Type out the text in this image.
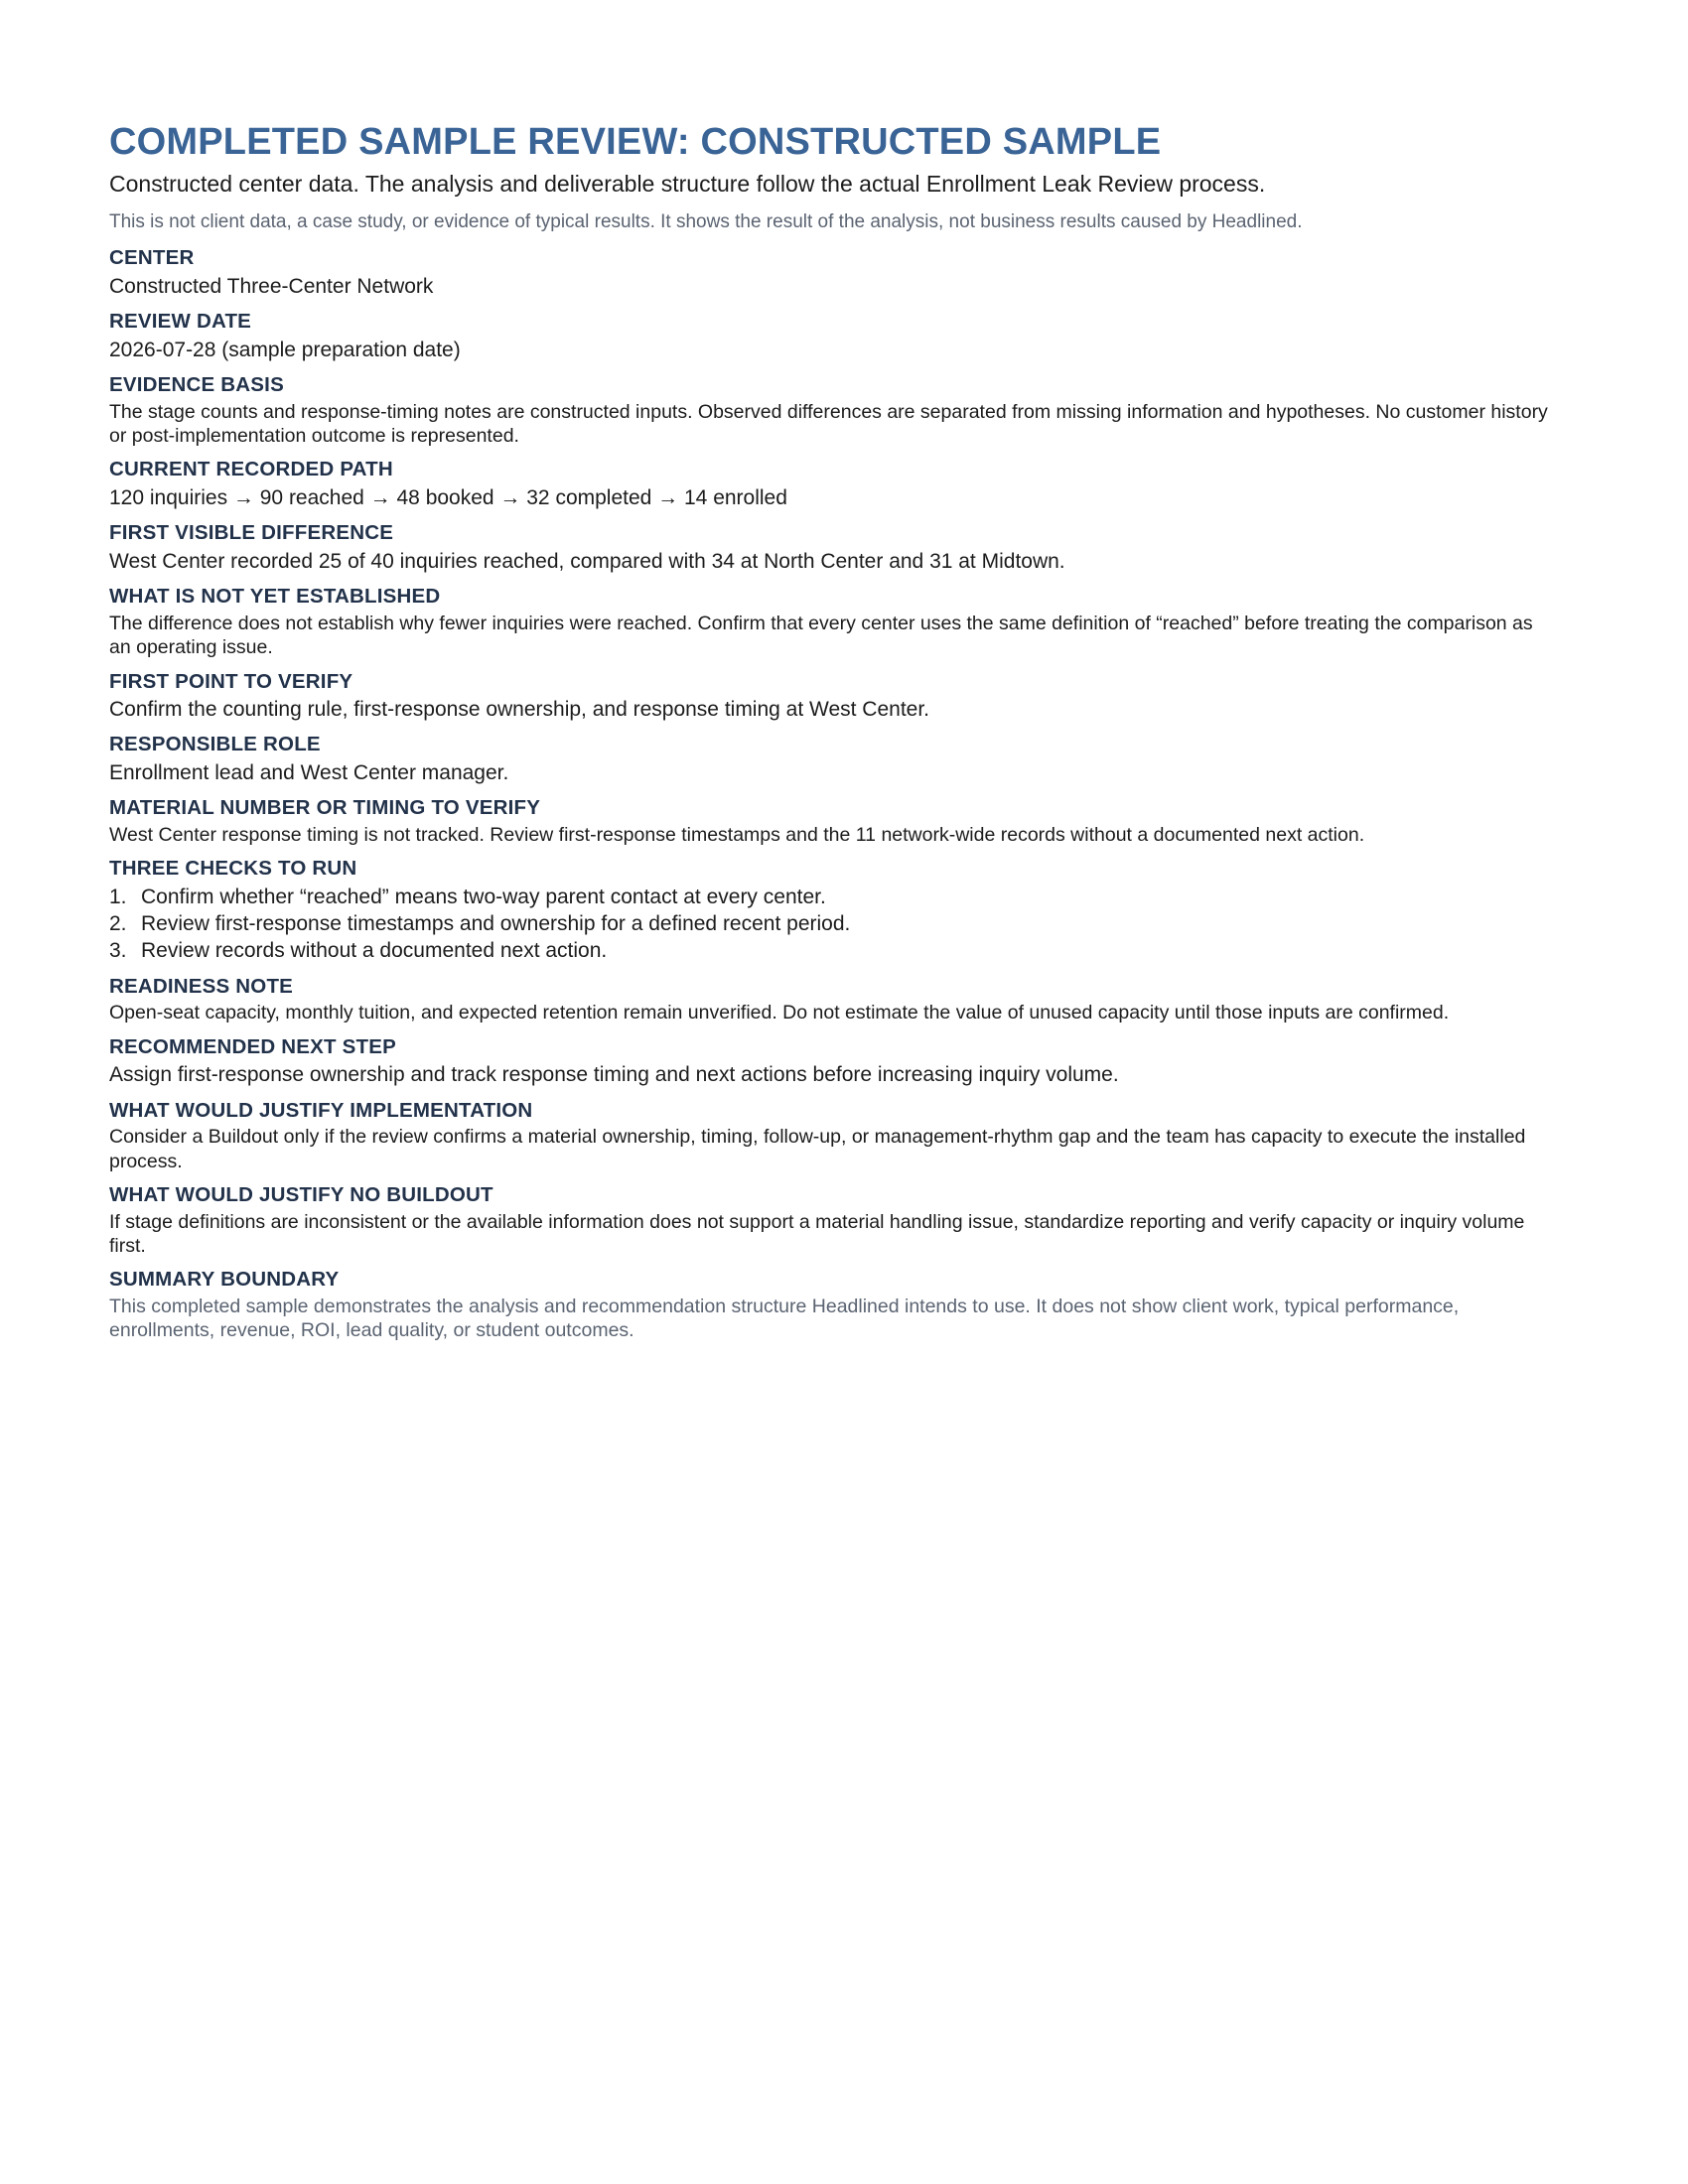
COMPLETED SAMPLE REVIEW: CONSTRUCTED SAMPLE

Constructed center data. The analysis and deliverable structure follow the actual Enrollment Leak Review process.

This is not client data, a case study, or evidence of typical results. It shows the result of the analysis, not business results caused by Headlined.

CENTER
Constructed Three-Center Network
REVIEW DATE
2026-07-28 (sample preparation date)
EVIDENCE BASIS
The stage counts and response-timing notes are constructed inputs. Observed differences are separated from missing information and hypotheses. No customer history or post-implementation outcome is represented.
CURRENT RECORDED PATH
120 inquiries → 90 reached → 48 booked → 32 completed → 14 enrolled
FIRST VISIBLE DIFFERENCE
West Center recorded 25 of 40 inquiries reached, compared with 34 at North Center and 31 at Midtown.
WHAT IS NOT YET ESTABLISHED
The difference does not establish why fewer inquiries were reached. Confirm that every center uses the same definition of “reached” before treating the comparison as an operating issue.
FIRST POINT TO VERIFY
Confirm the counting rule, first-response ownership, and response timing at West Center.
RESPONSIBLE ROLE
Enrollment lead and West Center manager.
MATERIAL NUMBER OR TIMING TO VERIFY
West Center response timing is not tracked. Review first-response timestamps and the 11 network-wide records without a documented next action.
THREE CHECKS TO RUN
1. Confirm whether “reached” means two-way parent contact at every center.
2. Review first-response timestamps and ownership for a defined recent period.
3. Review records without a documented next action.
READINESS NOTE
Open-seat capacity, monthly tuition, and expected retention remain unverified. Do not estimate the value of unused capacity until those inputs are confirmed.
RECOMMENDED NEXT STEP
Assign first-response ownership and track response timing and next actions before increasing inquiry volume.
WHAT WOULD JUSTIFY IMPLEMENTATION
Consider a Buildout only if the review confirms a material ownership, timing, follow-up, or management-rhythm gap and the team has capacity to execute the installed process.
WHAT WOULD JUSTIFY NO BUILDOUT
If stage definitions are inconsistent or the available information does not support a material handling issue, standardize reporting and verify capacity or inquiry volume first.
SUMMARY BOUNDARY
This completed sample demonstrates the analysis and recommendation structure Headlined intends to use. It does not show client work, typical performance, enrollments, revenue, ROI, lead quality, or student outcomes.
